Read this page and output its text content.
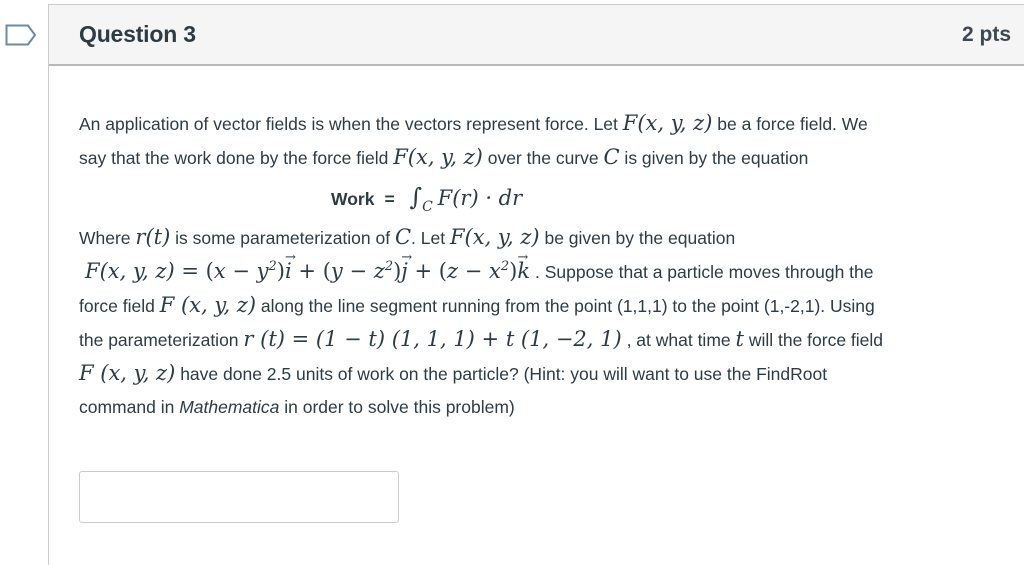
Question 3	2 pts
An application of vector fields is when the vectors represent force. Let F(x, y, z) be a force field. We
say that the work done by the force field F(x, y, z) over the curve C is given by the equation
Work = $\int_C$ F(r) · dr
Where r(t) is some parameterization of C. Let F(x, y, z) be given by the equation
F(x, y, $z) = (x - y^2)\to i + (y - z^2)\to j + (z - x^2)\to k$ . Suppose that a particle moves through the
force field F (x, y, z) along the line segment running from the point (1,1,1) to the point (1,-2,1). Using
the parameterization r (t) = (1 − t) (1, 1, 1) + t (1, −2, 1) , at what time t will the force field
F (x, y, z) have done 2.5 units of work on the particle? (Hint: you will want to use the FindRoot
command in Mathematica in order to solve this problem)
